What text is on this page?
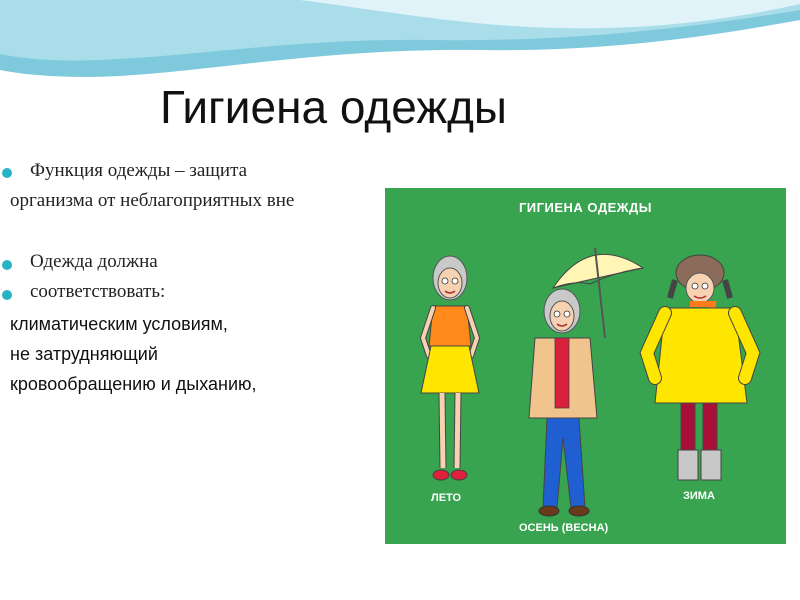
Гигиена одежды
Функция одежды – защита
организма от неблагоприятных вне
Одежда должна
соответствовать:
климатическим условиям,
не затрудняющий
кровообращению и дыханию,
ГИГИЕНА ОДЕЖДЫ
ЛЕТО
ОСЕНЬ (ВЕСНА)
ЗИМА
